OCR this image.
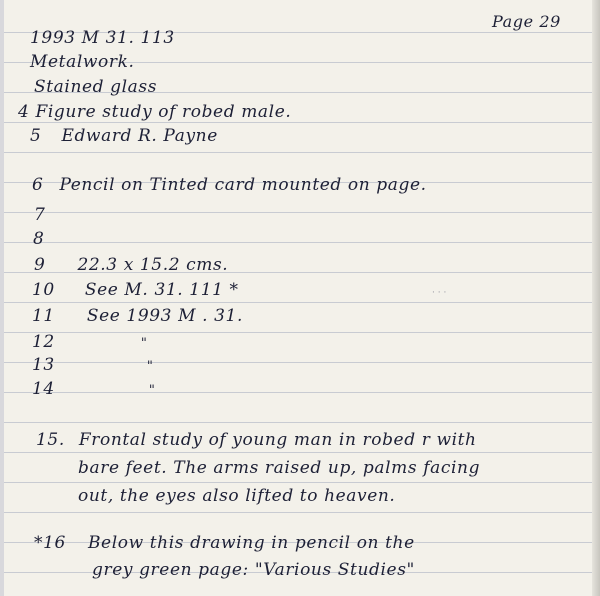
Page 29
1993 M 31. 113
Metalwork.
Stained glass
4 Figure study of robed male.
5 Edward R. Payne
6 Pencil on Tinted card mounted on page.
7
8
9 22.3 x 15.2 cms.
10 See M. 31. 111 *	· · ·
11 See 1993 M . 31.
12	"
13	"
14	"
15. Frontal study of young man in robed r with
bare feet. The arms raised up, palms facing
out, the eyes also lifted to heaven.
*16 Below this drawing in pencil on the
grey green page: "Various Studies"
